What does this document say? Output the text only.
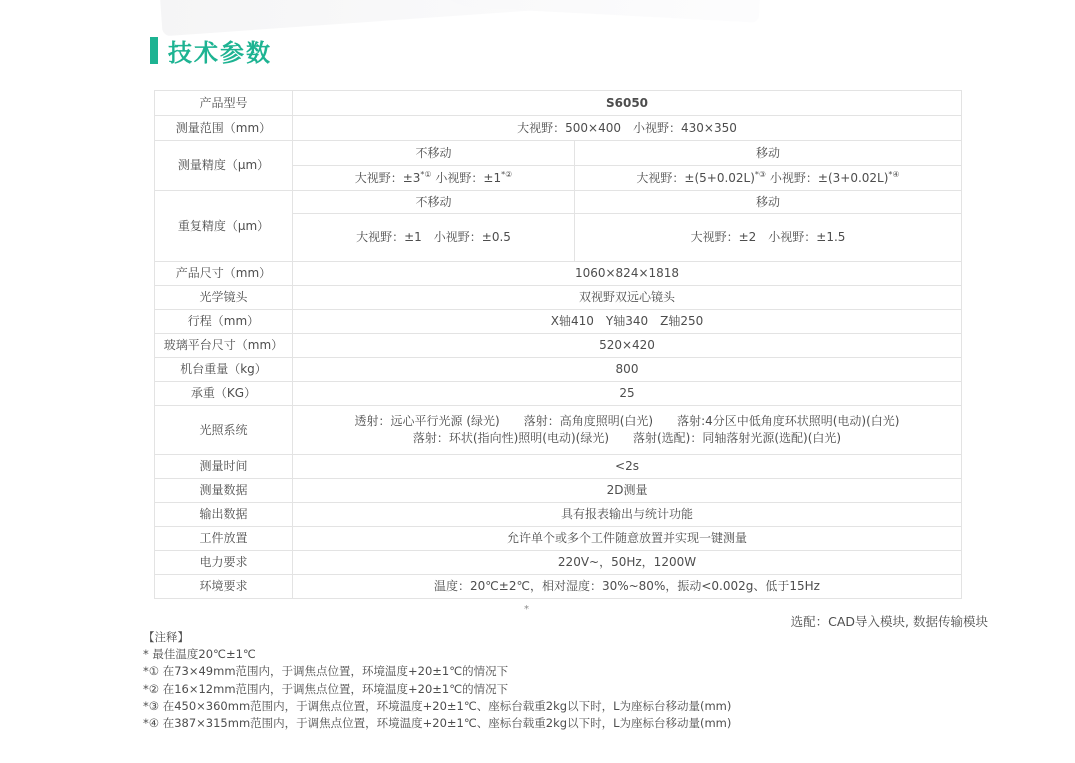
技术参数
产品型号	S6050	
测量范围（mm）	大视野：500×400　小视野：430×350	
测量精度（μm）	不移动	移动
	大视野：±3*① 小视野：±1*②	大视野：±(5+0.02L)*③ 小视野：±(3+0.02L)*④
重复精度（μm）	不移动	移动
	大视野：±1　小视野：±0.5	大视野：±2　小视野：±1.5
产品尺寸（mm）	1060×824×1818	
光学镜头	双视野双远心镜头	
行程（mm）	X轴410　Y轴340　Z轴250	
玻璃平台尺寸（mm）	520×420	
机台重量（kg）	800	
承重（KG）	25	
光照系统	透射：远心平行光源 (绿光)　　落射：高角度照明(白光)　　落射:4分区中低角度环状照明(电动)(白光)
落射：环状(指向性)照明(电动)(绿光)　　落射(选配)：同轴落射光源(选配)(白光)	

测量时间	<2s	
测量数据	2D测量	
输出数据	具有报表输出与统计功能	
工件放置	允许单个或多个工件随意放置并实现一键测量	
电力要求	220V~，50Hz，1200W	
环境要求	温度：20℃±2℃，相对湿度：30%~80%，振动<0.002g、低于15Hz	
*
选配：CAD导入模块, 数据传输模块
【注释】
* 最佳温度20℃±1℃
*① 在73×49mm范围内，于调焦点位置，环境温度+20±1℃的情况下
*② 在16×12mm范围内，于调焦点位置，环境温度+20±1℃的情况下
*③ 在450×360mm范围内，于调焦点位置，环境温度+20±1℃、座标台载重2kg以下时，L为座标台移动量(mm)
*④ 在387×315mm范围内，于调焦点位置，环境温度+20±1℃、座标台载重2kg以下时，L为座标台移动量(mm)
